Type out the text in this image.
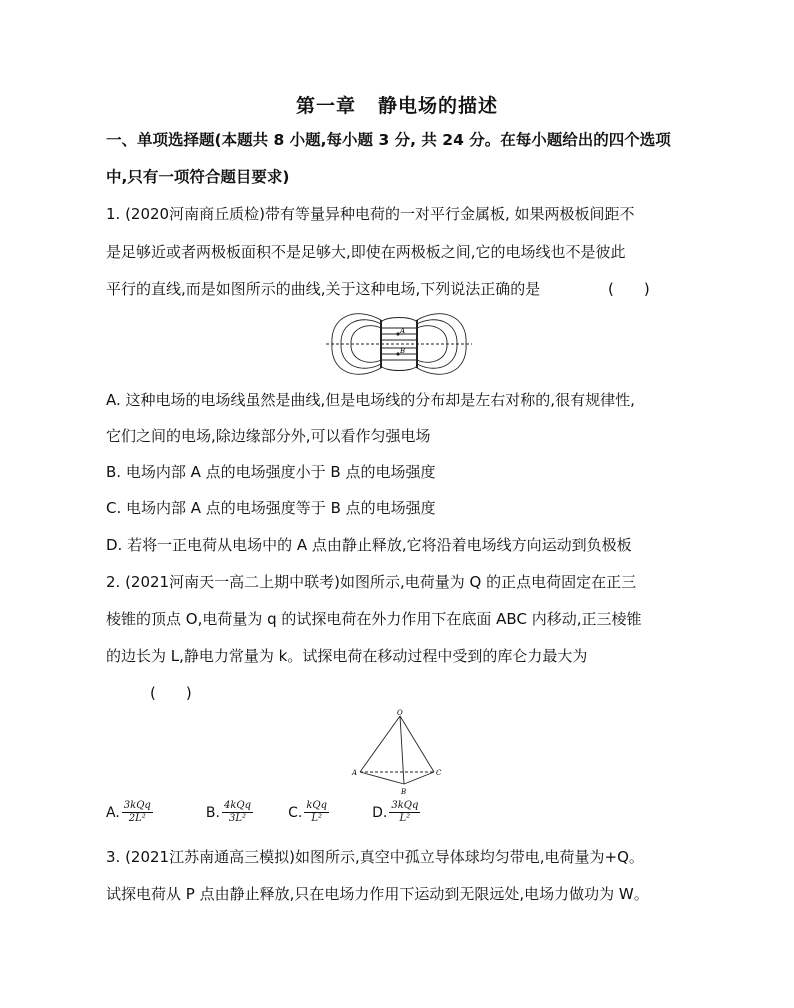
第一章 静电场的描述
一、单项选择题(本题共 8 小题,每小题 3 分, 共 24 分。在每小题给出的四个选项
中,只有一项符合题目要求)
1. (2020河南商丘质检)带有等量异种电荷的一对平行金属板, 如果两极板间距不
是足够近或者两极板面积不是足够大,即使在两极板之间,它的电场线也不是彼此
平行的直线,而是如图所示的曲线,关于这种电场,下列说法正确的是	(　　)
A
B
A. 这种电场的电场线虽然是曲线,但是电场线的分布却是左右对称的,很有规律性,
它们之间的电场,除边缘部分外,可以看作匀强电场
B. 电场内部 A 点的电场强度小于 B 点的电场强度
C. 电场内部 A 点的电场强度等于 B 点的电场强度
D. 若将一正电荷从电场中的 A 点由静止释放,它将沿着电场线方向运动到负极板
2. (2021河南天一高二上期中联考)如图所示,电荷量为 Q 的正点电荷固定在正三
棱锥的顶点 O,电荷量为 q 的试探电荷在外力作用下在底面 ABC 内移动,正三棱锥
的边长为 L,静电力常量为 k。试探电荷在移动过程中受到的库仑力最大为
(　　)
O
A	C
B
A. $\frac{\text{3kQq}}{\text{2L²}}$	B. $\frac{\text{4kQq}}{\text{3L²}}$	C. $\frac{\text{kQq}}{\text{L²}}$	D. $\frac{\text{3kQq}}{\text{L²}}$
3. (2021江苏南通高三模拟)如图所示,真空中孤立导体球均匀带电,电荷量为+Q。
试探电荷从 P 点由静止释放,只在电场力作用下运动到无限远处,电场力做功为 W。
